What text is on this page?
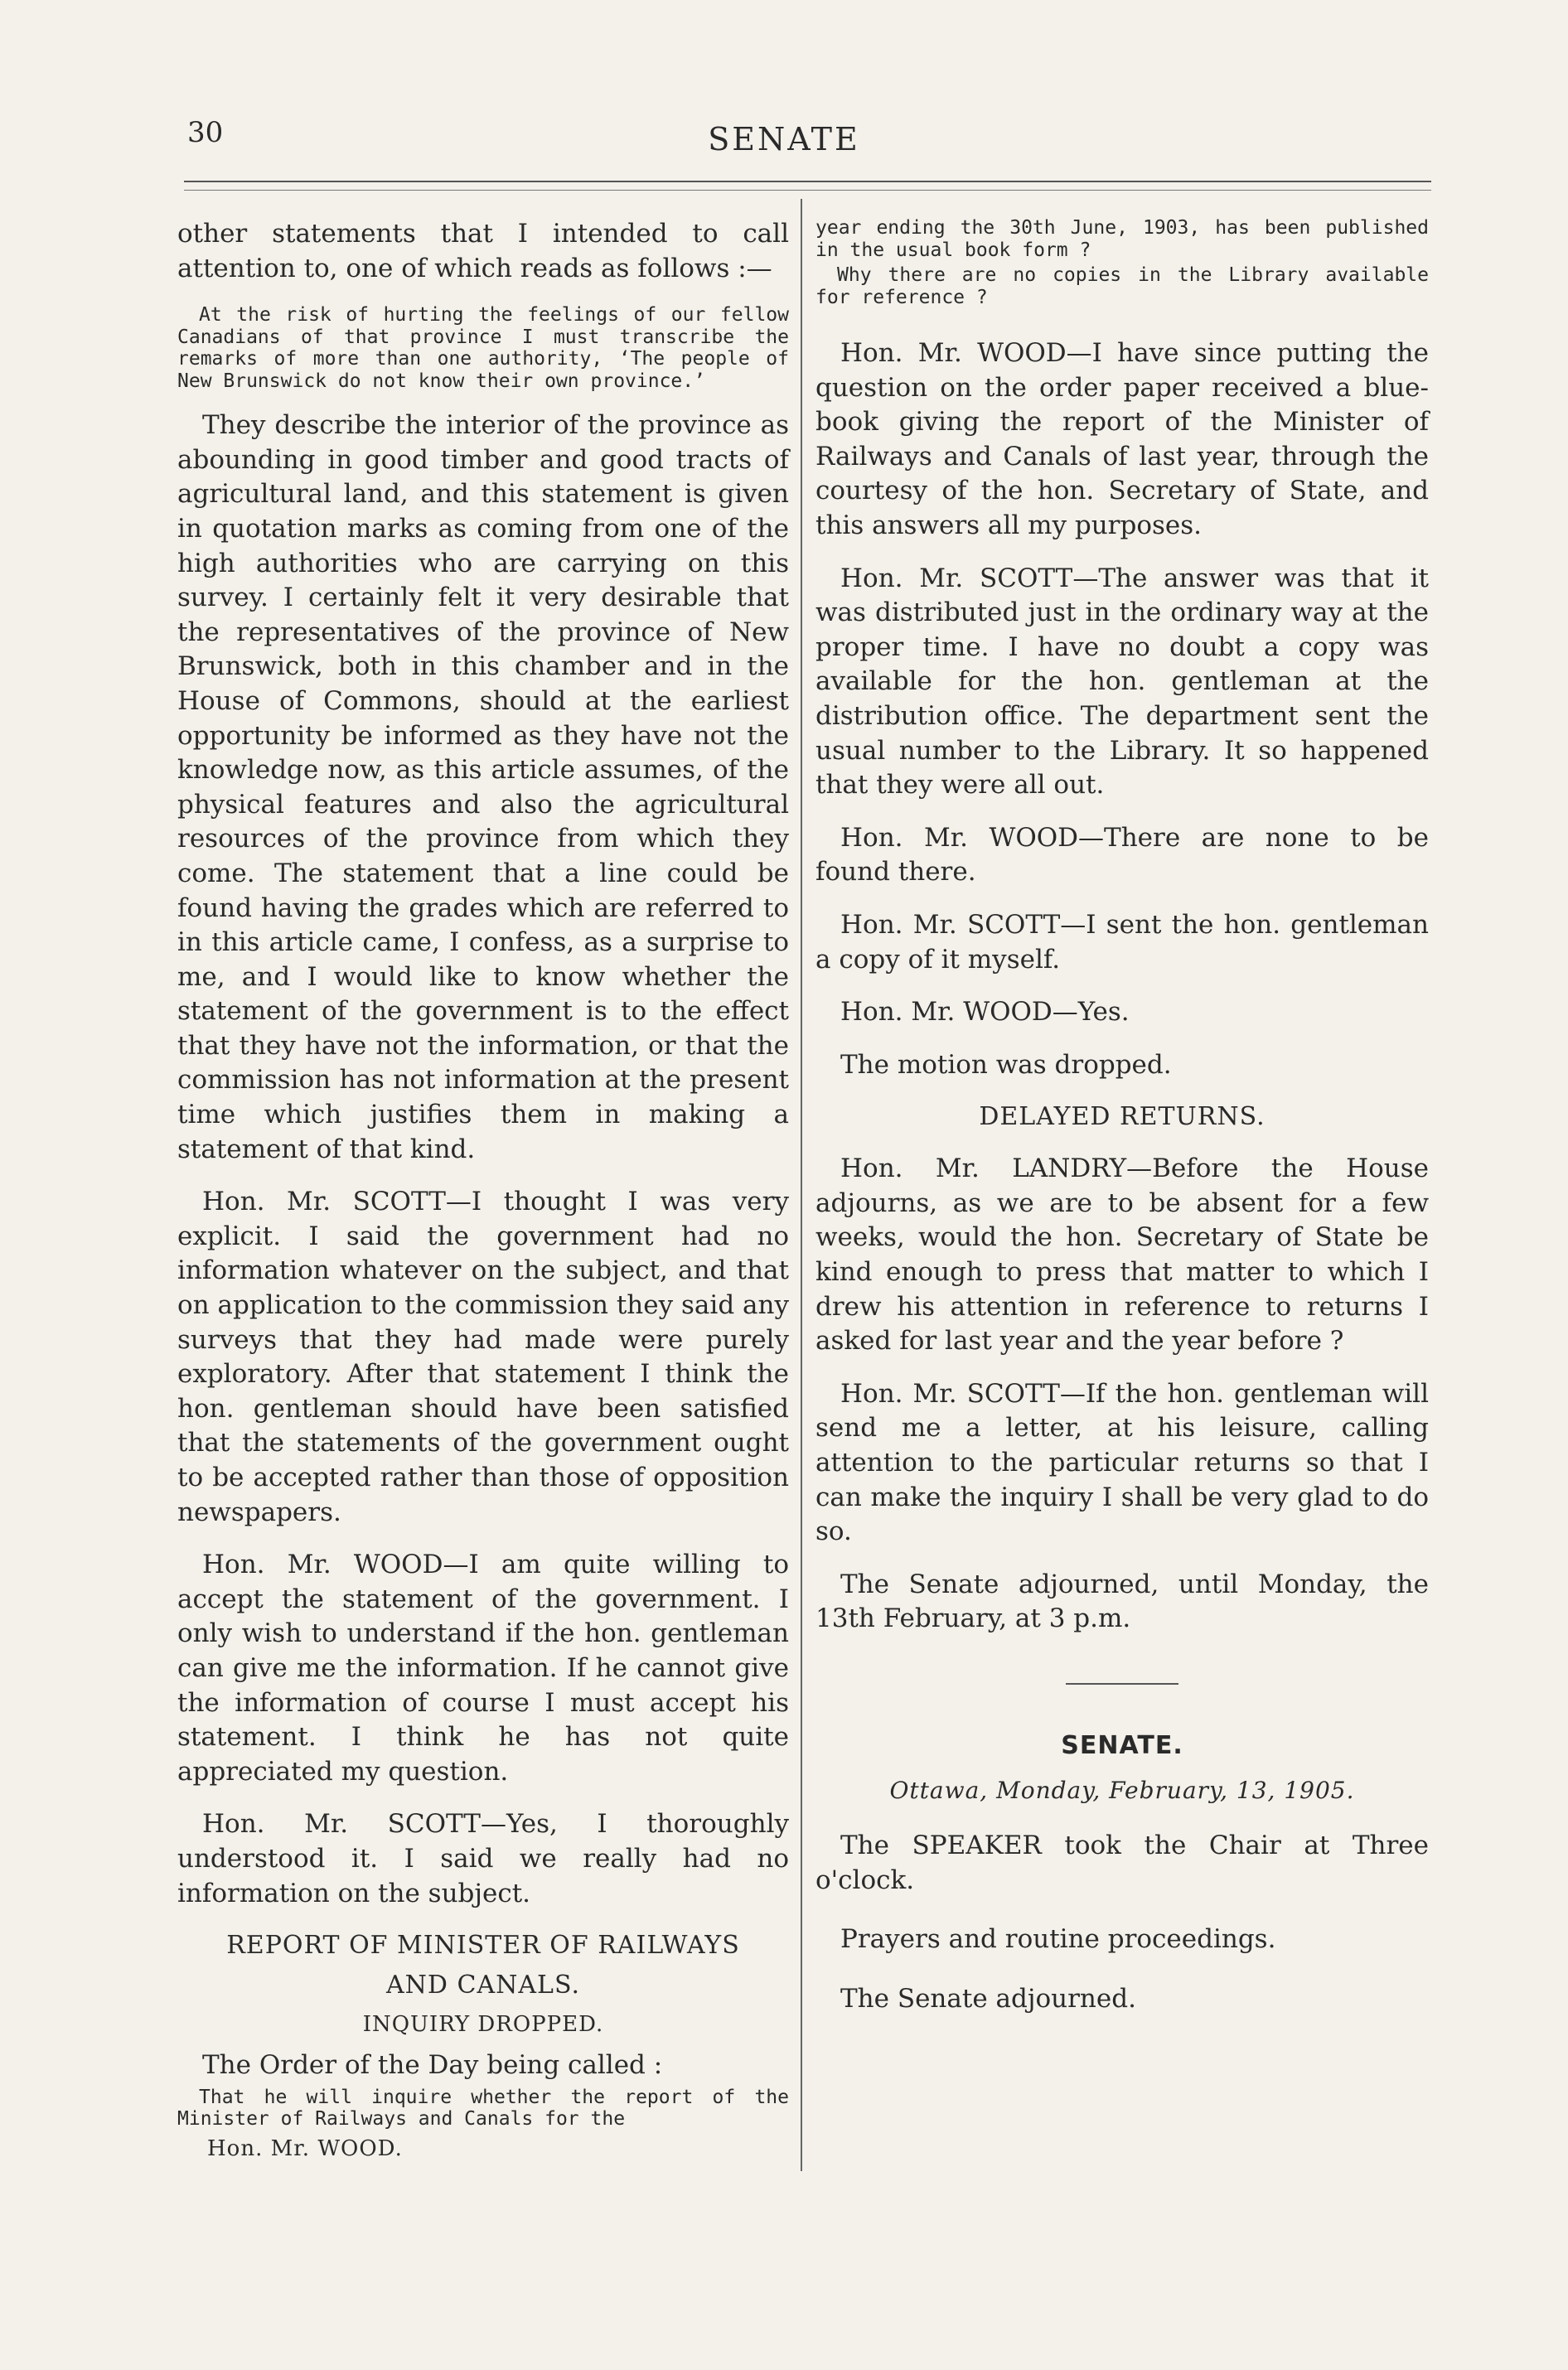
30	SENATE

other statements that I intended to call attention to, one of which reads as follows :—

At the risk of hurting the feelings of our fellow Canadians of that province I must transcribe the remarks of more than one authority, ‘The people of New Brunswick do not know their own province.’

They describe the interior of the province as abounding in good timber and good tracts of agricultural land, and this statement is given in quotation marks as coming from one of the high authorities who are carrying on this survey. I certainly felt it very desirable that the representatives of the province of New Brunswick, both in this chamber and in the House of Commons, should at the earliest opportunity be informed as they have not the knowledge now, as this article assumes, of the physical features and also the agricultural resources of the province from which they come. The statement that a line could be found having the grades which are referred to in this article came, I confess, as a surprise to me, and I would like to know whether the statement of the government is to the effect that they have not the information, or that the commission has not information at the present time which justifies them in making a statement of that kind.

Hon. Mr. SCOTT—I thought I was very explicit. I said the government had no information whatever on the subject, and that on application to the commission they said any surveys that they had made were purely exploratory. After that statement I think the hon. gentleman should have been satisfied that the statements of the government ought to be accepted rather than those of opposition newspapers.

Hon. Mr. WOOD—I am quite willing to accept the statement of the government. I only wish to understand if the hon. gentleman can give me the information. If he cannot give the information of course I must accept his statement. I think he has not quite appreciated my question.

Hon. Mr. SCOTT—Yes, I thoroughly understood it. I said we really had no information on the subject.

REPORT OF MINISTER OF RAILWAYS
AND CANALS.
INQUIRY DROPPED.

The Order of the Day being called :

That he will inquire whether the report of the Minister of Railways and Canals for the

Hon. Mr. WOOD.

year ending the 30th June, 1903, has been published in the usual book form ?

Why there are no copies in the Library available for reference ?

Hon. Mr. WOOD—I have since putting the question on the order paper received a blue-book giving the report of the Minister of Railways and Canals of last year, through the courtesy of the hon. Secretary of State, and this answers all my purposes.

Hon. Mr. SCOTT—The answer was that it was distributed just in the ordinary way at the proper time. I have no doubt a copy was available for the hon. gentleman at the distribution office. The department sent the usual number to the Library. It so happened that they were all out.

Hon. Mr. WOOD—There are none to be found there.

Hon. Mr. SCOTT—I sent the hon. gentleman a copy of it myself.

Hon. Mr. WOOD—Yes.

The motion was dropped.

DELAYED RETURNS.

Hon. Mr. LANDRY—Before the House adjourns, as we are to be absent for a few weeks, would the hon. Secretary of State be kind enough to press that matter to which I drew his attention in reference to returns I asked for last year and the year before ?

Hon. Mr. SCOTT—If the hon. gentleman will send me a letter, at his leisure, calling attention to the particular returns so that I can make the inquiry I shall be very glad to do so.

The Senate adjourned, until Monday, the 13th February, at 3 p.m.

SENATE.
Ottawa, Monday, February, 13, 1905.

The SPEAKER took the Chair at Three o'clock.

Prayers and routine proceedings.

The Senate adjourned.
